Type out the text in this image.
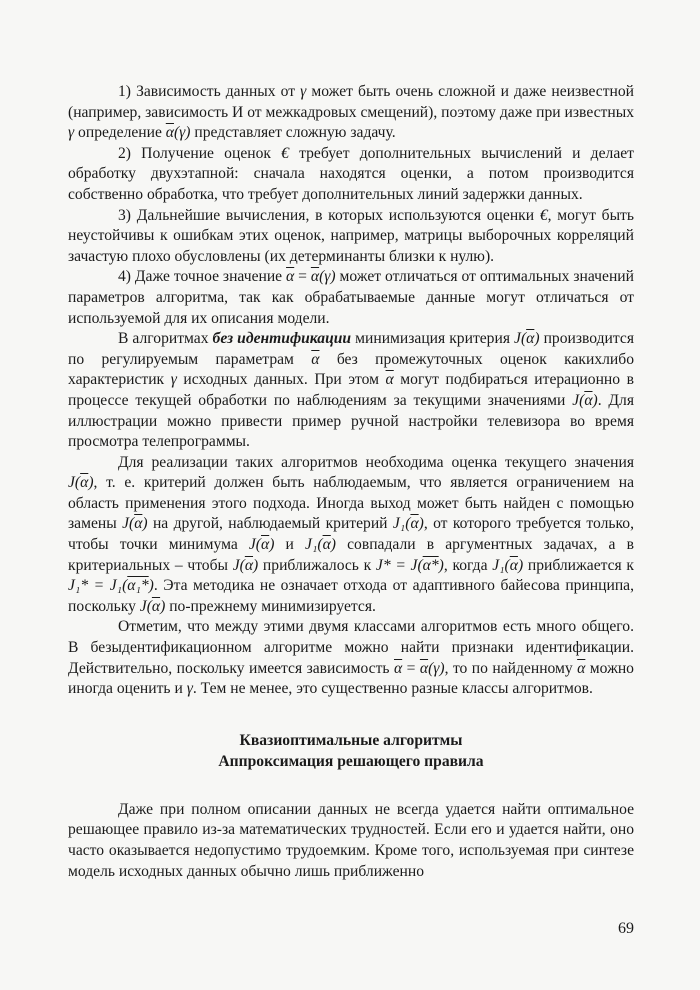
1) Зависимость данных от γ может быть очень сложной и даже неизвестной (например, зависимость И от межкадровых смещений), поэтому даже при известных γ определение $\overline{\alpha}(\gamma)$ представляет сложную задачу.

2) Получение оценок € требует дополнительных вычислений и делает обработку двухэтапной: сначала находятся оценки, а потом производится собственно обработка, что требует дополнительных линий задержки данных.

3) Дальнейшие вычисления, в которых используются оценки €, могут быть неустойчивы к ошибкам этих оценок, например, матрицы выборочных корреляций зачастую плохо обусловлены (их детерминанты близки к нулю).

4) Даже точное значение $\overline{\alpha} = \overline{\alpha}(\gamma)$ может отличаться от оптимальных значений параметров алгоритма, так как обрабатываемые данные могут отличаться от используемой для их описания модели.

В алгоритмах без идентификации минимизация критерия $J(\overline{\alpha})$ производится по регулируемым параметрам $\overline{\alpha}$ без промежуточных оценок какихлибо характеристик γ исходных данных. При этом $\overline{\alpha}$ могут подбираться итерационно в процессе текущей обработки по наблюдениям за текущими значениями $J(\overline{\alpha})$. Для иллюстрации можно привести пример ручной настройки телевизора во время просмотра телепрограммы.

Для реализации таких алгоритмов необходима оценка текущего значения $J(\overline{\alpha})$, т. е. критерий должен быть наблюдаемым, что является ограничением на область применения этого подхода. Иногда выход может быть найден с помощью замены $J(\overline{\alpha})$ на другой, наблюдаемый критерий $J_1(\overline{\alpha})$, от которого требуется только, чтобы точки минимума $J(\overline{\alpha})$ и $J_1(\overline{\alpha})$ совпадали в аргументных задачах, а в критериальных – чтобы $J(\overline{\alpha})$ приближалось к J* = J(α*), когда $J_1(\overline{\alpha})$ приближается к J₁* = J₁(α₁*). Эта методика не означает отхода от адаптивного байесова принципа, поскольку $J(\overline{\alpha})$ по-прежнему минимизируется.

Отметим, что между этими двумя классами алгоритмов есть много общего. В безыдентификационном алгоритме можно найти признаки идентификации. Действительно, поскольку имеется зависимость $\overline{\alpha} = \overline{\alpha}(\gamma)$, то по найденному $\overline{\alpha}$ можно иногда оценить и γ. Тем не менее, это существенно разные классы алгоритмов.

Квазиоптимальные алгоритмы

Аппроксимация решающего правила

Даже при полном описании данных не всегда удается найти оптимальное решающее правило из-за математических трудностей. Если его и удается найти, оно часто оказывается недопустимо трудоемким. Кроме того, используемая при синтезе модель исходных данных обычно лишь приближенно

69
